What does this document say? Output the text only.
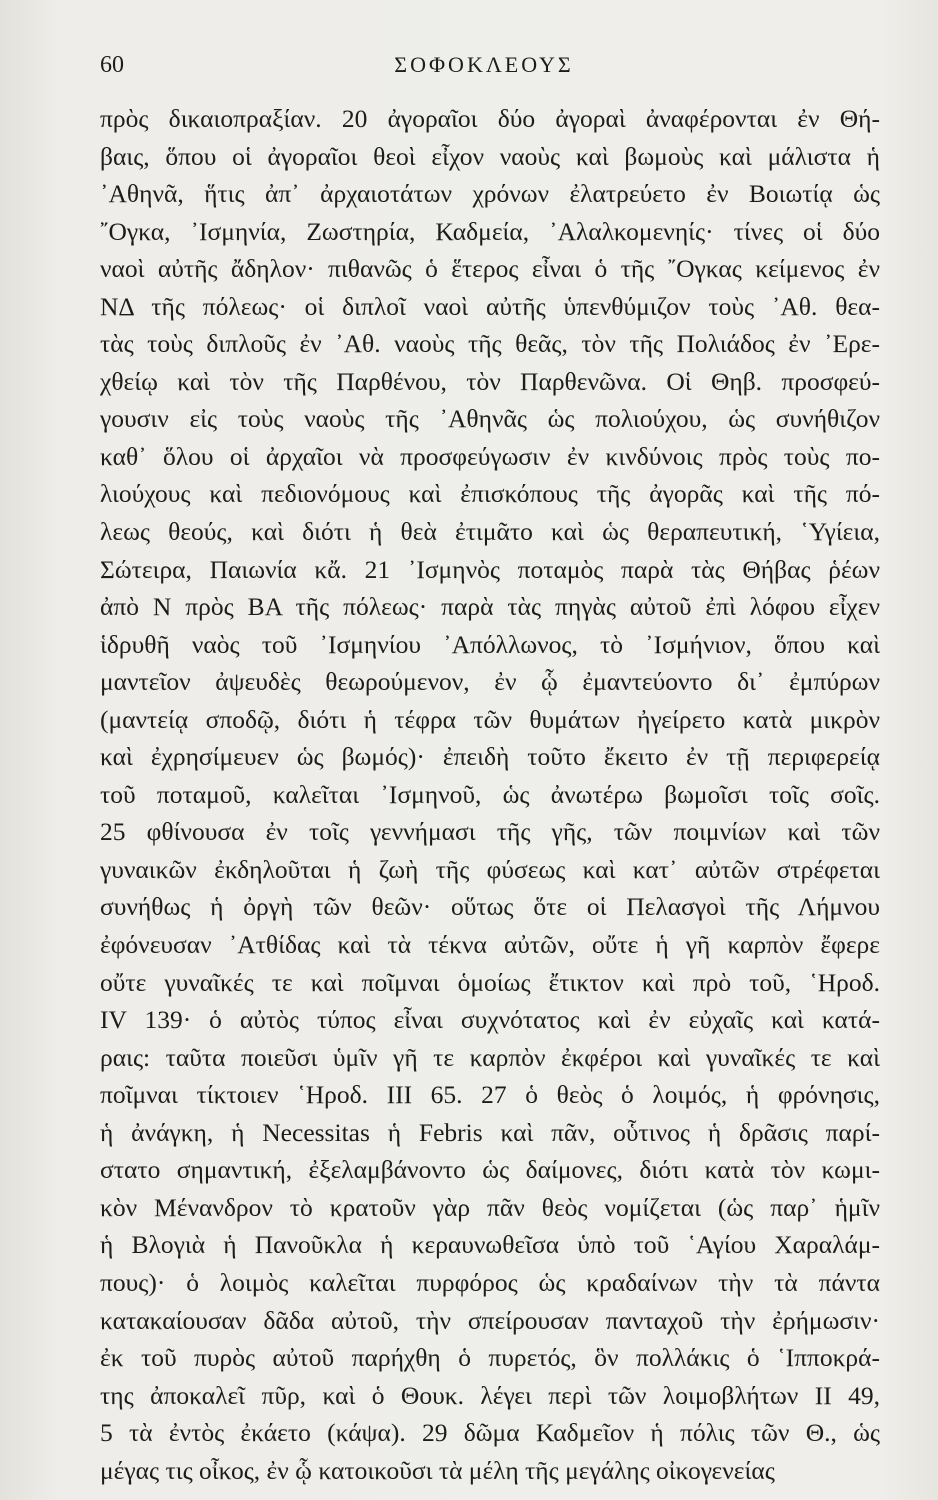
60	ΣΟΦΟΚΛΕΟΥΣ
πρὸς δικαιοπραξίαν. 20 ἀγοραῖοι δύο ἀγοραὶ ἀναφέρονται ἐν Θή-
βαις, ὅπου οἱ ἀγοραῖοι θεοὶ εἶχον ναοὺς καὶ βωμοὺς καὶ μάλιστα ἡ
᾿Αθηνᾶ, ἥτις ἀπ᾿ ἀρχαιοτάτων χρόνων ἐλατρεύετο ἐν Βοιωτίᾳ ὡς
῎Ογκα, ᾿Ισμηνία, Ζωστηρία, Καδμεία, ᾿Αλαλκομενηίς· τίνες οἱ δύο
ναοὶ αὐτῆς ἄδηλον· πιθανῶς ὁ ἕτερος εἶναι ὁ τῆς ῎Ογκας κείμενος ἐν
ΝΔ τῆς πόλεως· οἱ διπλοῖ ναοὶ αὐτῆς ὑπενθύμιζον τοὺς ᾿Αθ. θεα-
τὰς τοὺς διπλοῦς ἐν ᾿Αθ. ναοὺς τῆς θεᾶς, τὸν τῆς Πολιάδος ἐν ᾿Ερε-
χθείῳ καὶ τὸν τῆς Παρθένου, τὸν Παρθενῶνα. Οἱ Θηβ. προσφεύ-
γουσιν εἰς τοὺς ναοὺς τῆς ᾿Αθηνᾶς ὡς πολιούχου, ὡς συνήθιζον
καθ᾿ ὅλου οἱ ἀρχαῖοι νὰ προσφεύγωσιν ἐν κινδύνοις πρὸς τοὺς πο-
λιούχους καὶ πεδιονόμους καὶ ἐπισκόπους τῆς ἀγορᾶς καὶ τῆς πό-
λεως θεούς, καὶ διότι ἡ θεὰ ἐτιμᾶτο καὶ ὡς θεραπευτική, ῾Υγίεια,
Σώτειρα, Παιωνία κἄ. 21 ᾿Ισμηνὸς ποταμὸς παρὰ τὰς Θήβας ῥέων
ἀπὸ Ν πρὸς ΒΑ τῆς πόλεως· παρὰ τὰς πηγὰς αὐτοῦ ἐπὶ λόφου εἶχεν
ἱδρυθῆ ναὸς τοῦ ᾿Ισμηνίου ᾿Απόλλωνος, τὸ ᾿Ισμήνιον, ὅπου καὶ
μαντεῖον ἀψευδὲς θεωρούμενον, ἐν ᾧ ἐμαντεύοντο δι᾿ ἐμπύρων
(μαντείᾳ σποδῷ, διότι ἡ τέφρα τῶν θυμάτων ἠγείρετο κατὰ μικρὸν
καὶ ἐχρησίμευεν ὡς βωμός)· ἐπειδὴ τοῦτο ἔκειτο ἐν τῇ περιφερείᾳ
τοῦ ποταμοῦ, καλεῖται ᾿Ισμηνοῦ, ὡς ἀνωτέρω βωμοῖσι τοῖς σοῖς.
25 φθίνουσα ἐν τοῖς γεννήμασι τῆς γῆς, τῶν ποιμνίων καὶ τῶν
γυναικῶν ἐκδηλοῦται ἡ ζωὴ τῆς φύσεως καὶ κατ᾿ αὐτῶν στρέφεται
συνήθως ἡ ὀργὴ τῶν θεῶν· οὕτως ὅτε οἱ Πελασγοὶ τῆς Λήμνου
ἐφόνευσαν ᾿Ατθίδας καὶ τὰ τέκνα αὐτῶν, οὔτε ἡ γῆ καρπὸν ἔφερε
οὔτε γυναῖκές τε καὶ ποῖμναι ὁμοίως ἔτικτον καὶ πρὸ τοῦ, ῾Ηροδ.
IV 139· ὁ αὐτὸς τύπος εἶναι συχνότατος καὶ ἐν εὐχαῖς καὶ κατά-
ραις: ταῦτα ποιεῦσι ὑμῖν γῆ τε καρπὸν ἐκφέροι καὶ γυναῖκές τε καὶ
ποῖμναι τίκτοιεν ῾Ηροδ. ΙΙΙ 65. 27 ὁ θεὸς ὁ λοιμός, ἡ φρόνησις,
ἡ ἀνάγκη, ἡ Necessitas ἡ Febris καὶ πᾶν, οὗτινος ἡ δρᾶσις παρί-
στατο σημαντική, ἐξελαμβάνοντο ὡς δαίμονες, διότι κατὰ τὸν κωμι-
κὸν Μένανδρον τὸ κρατοῦν γὰρ πᾶν θεὸς νομίζεται (ὡς παρ᾿ ἡμῖν
ἡ Βλογιὰ ἡ Πανοῦκλα ἡ κεραυνωθεῖσα ὑπὸ τοῦ ῾Αγίου Χαραλάμ-
πους)· ὁ λοιμὸς καλεῖται πυρφόρος ὡς κραδαίνων τὴν τὰ πάντα
κατακαίουσαν δᾶδα αὐτοῦ, τὴν σπείρουσαν πανταχοῦ τὴν ἐρήμωσιν·
ἐκ τοῦ πυρὸς αὐτοῦ παρήχθη ὁ πυρετός, ὃν πολλάκις ὁ ῾Ιπποκρά-
της ἀποκαλεῖ πῦρ, καὶ ὁ Θουκ. λέγει περὶ τῶν λοιμοβλήτων ΙΙ 49,
5 τὰ ἐντὸς ἐκάετο (κάψα). 29 δῶμα Καδμεῖον ἡ πόλις τῶν Θ., ὡς
μέγας τις οἶκος, ἐν ᾧ κατοικοῦσι τὰ μέλη τῆς μεγάλης οἰκογενείας
